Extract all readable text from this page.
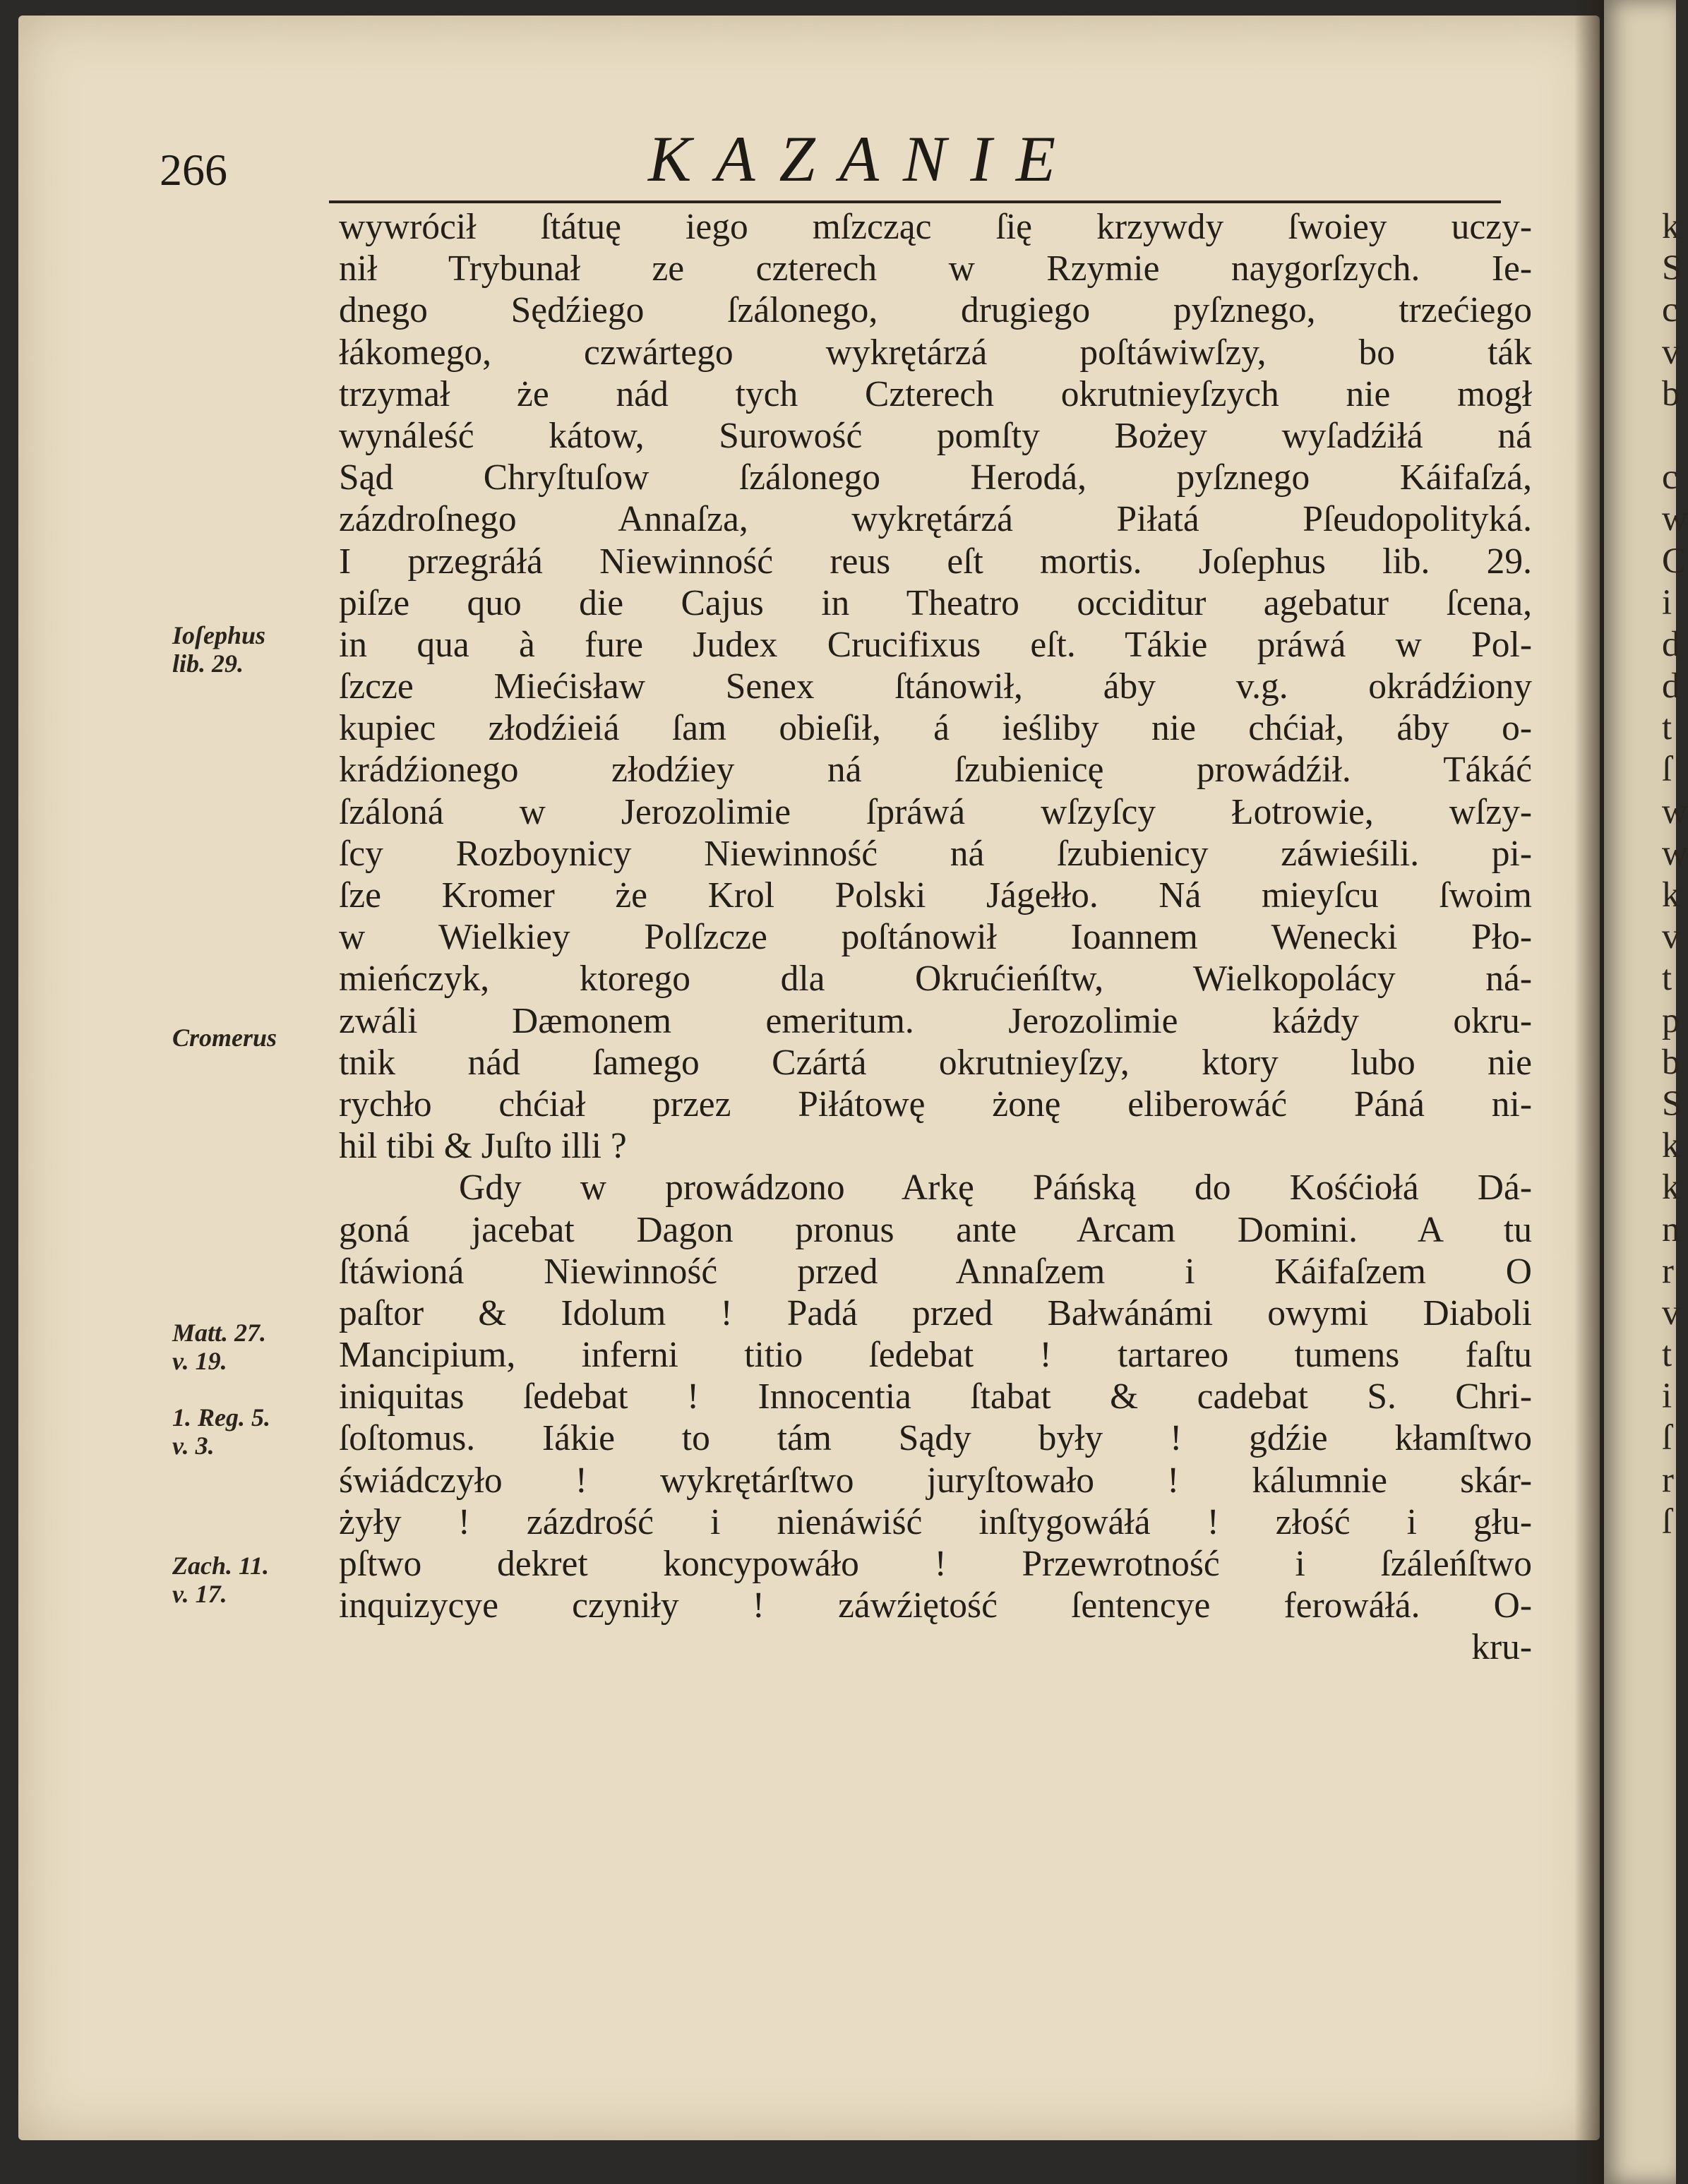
266	KAZANIE
wywrócił ſtátuę iego mſzcząc ſię krzywdy ſwoiey uczy-
nił Trybunał ze czterech w Rzymie naygorſzych. Ie-
dnego Sędźiego ſzálonego, drugiego pyſznego, trzećiego
łákomego, czwártego wykrętárzá poſtáwiwſzy, bo ták
trzymał że nád tych Czterech okrutnieyſzych nie mogł
wynáleść kátow, Surowość pomſty Bożey wyſadźiłá ná
Sąd Chryſtuſow ſzálonego Herodá, pyſznego Káifaſzá,
zázdroſnego Annaſza, wykrętárzá Piłatá Pſeudopolityká.
I przegráłá Niewinność reus eſt mortis. Joſephus lib. 29.
piſze quo die Cajus in Theatro occiditur agebatur ſcena,
in qua à fure Judex Crucifixus eſt. Tákie práwá w Pol-
ſzcze Miećisław Senex ſtánowił, áby v.g. okrádźiony
kupiec złodźieiá ſam obieſił, á ieśliby nie chćiał, áby o-
krádźionego złodźiey ná ſzubienicę prowádźił. Tákáć
ſzáloná w Jerozolimie ſpráwá wſzyſcy Łotrowie, wſzy-
ſcy Rozboynicy Niewinność ná ſzubienicy záwieśili. pi-
ſze Kromer że Krol Polski Jágełło. Ná mieyſcu ſwoim
w Wielkiey Polſzcze poſtánowił Ioannem Wenecki Pło-
mieńczyk, ktorego dla Okrućieńſtw, Wielkopolácy ná-
zwáli Dæmonem emeritum. Jerozolimie káżdy okru-
tnik nád ſamego Czártá okrutnieyſzy, ktory lubo nie
rychło chćiał przez Piłátowę żonę eliberowáć Páná ni-
hil tibi & Juſto illi ?
Gdy w prowádzono Arkę Páńską do Kośćiołá Dá-
goná jacebat Dagon pronus ante Arcam Domini. A tu
ſtáwioná Niewinność przed Annaſzem i Káifaſzem O
paſtor & Idolum ! Padá przed Bałwánámi owymi Diaboli
Mancipium, inferni titio ſedebat ! tartareo tumens faſtu
iniquitas ſedebat ! Innocentia ſtabat & cadebat S. Chri-
ſoſtomus. Iákie to tám Sądy były ! gdźie kłamſtwo
świádczyło ! wykrętárſtwo juryſtowało ! kálumnie skár-
żyły ! zázdrość i nienáwiść inſtygowáłá ! złość i głu-
pſtwo dekret koncypowáło ! Przewrotność i ſzáleńſtwo
inquizycye czyniły ! záwźiętość ſentencye ferowáłá. O-
kru-
Ioſephus
lib. 29.
Cromerus
Matt. 27.
v. 19.
1. Reg. 5.
v. 3.
Zach. 11.
v. 17.
k
S
c
v
b
c
w
C
i
d
d
t
ſ
w
w
k
v
t
p
b
S
k
k
n
r
v
t
i
ſ
r
ſ
